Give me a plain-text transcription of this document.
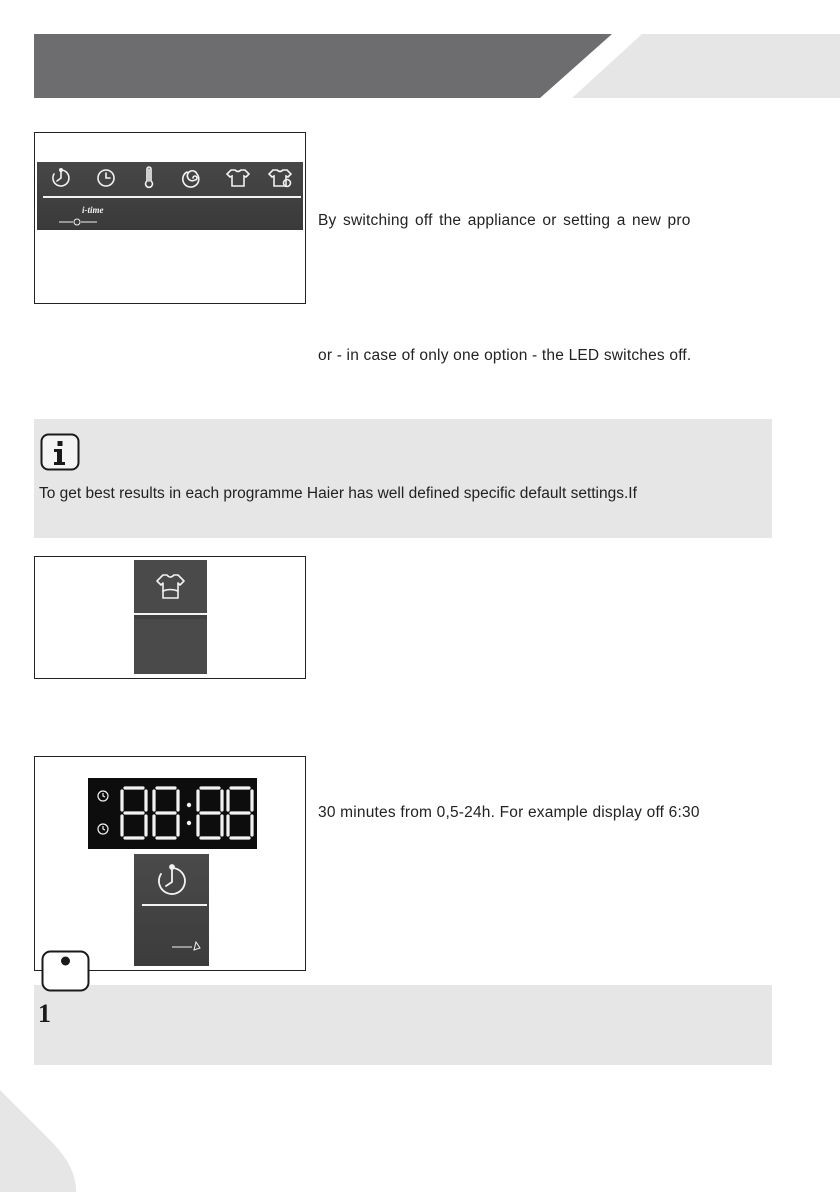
i-time
By switching off the appliance or setting a new pro
or - in case of only one option - the LED switches off.
To get best results in each programme Haier has well defined specific default settings.If
30 minutes from 0,5-24h. For example display off 6:30
1
